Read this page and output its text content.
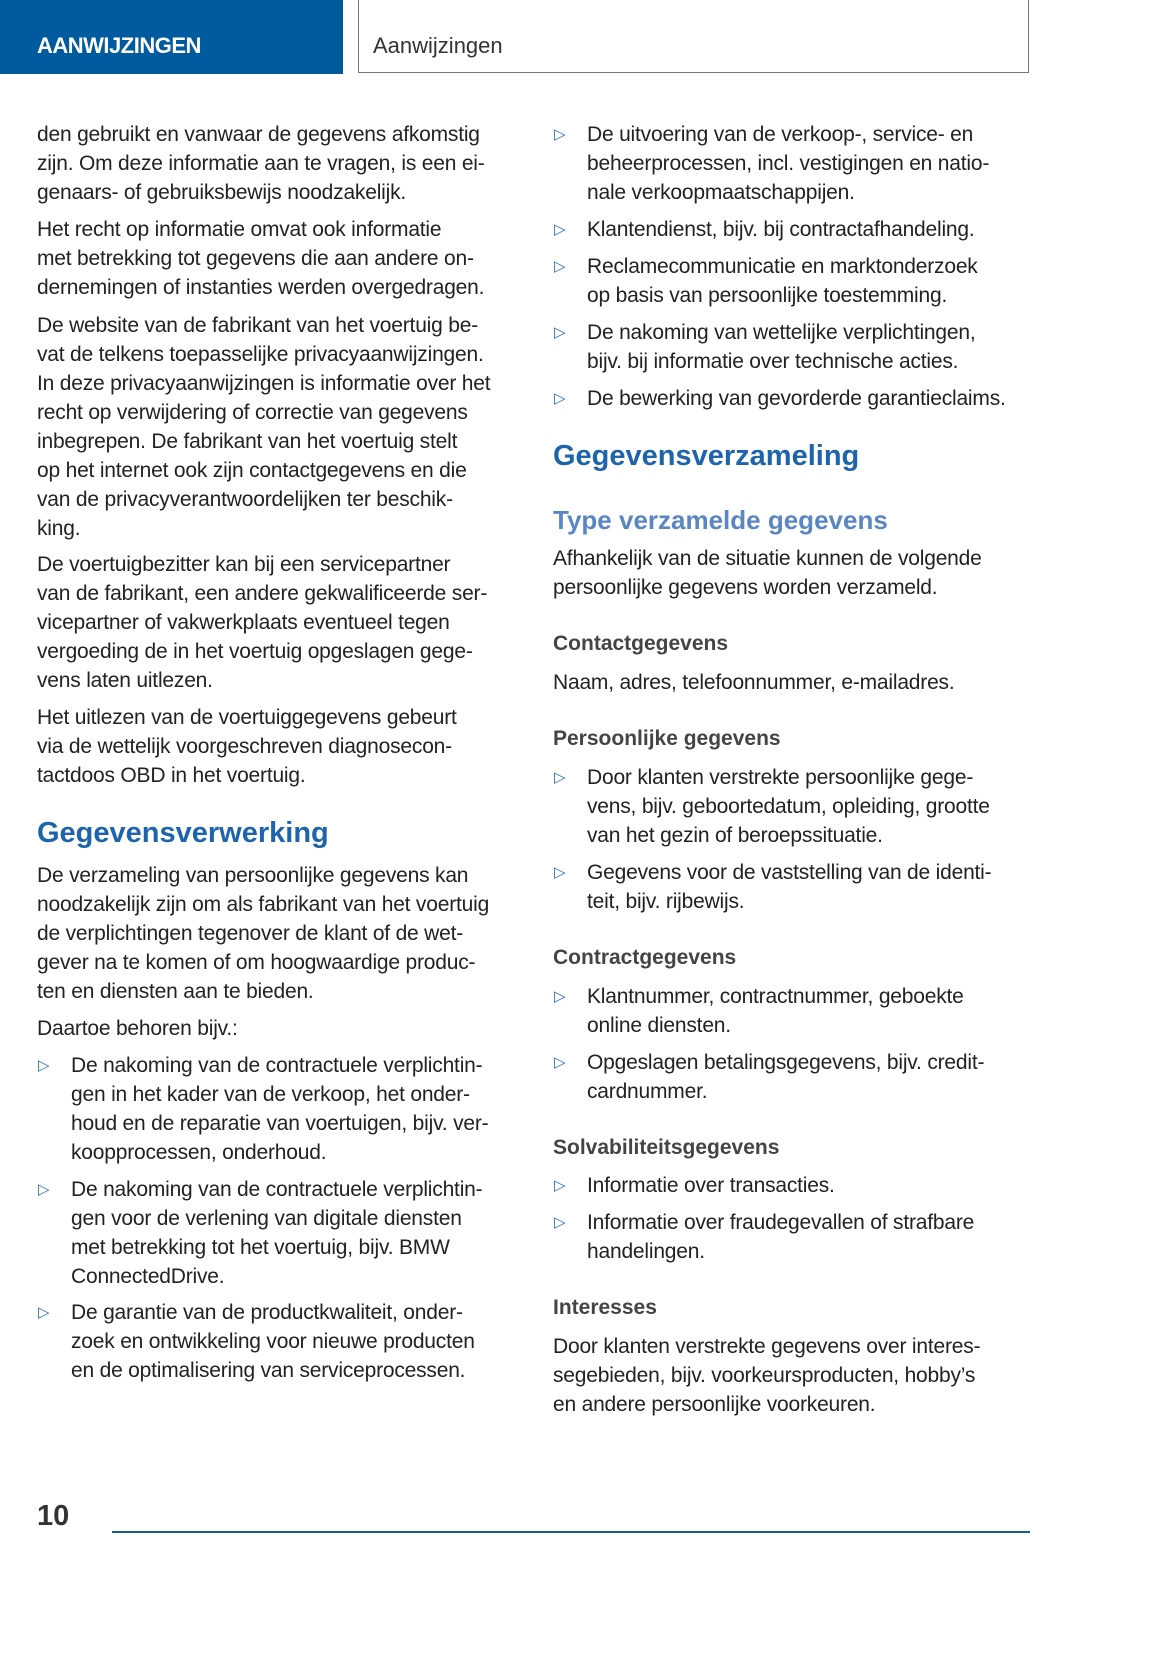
AANWIJZINGEN	Aanwijzingen
den gebruikt en vanwaar de gegevens afkomstig
zijn. Om deze informatie aan te vragen, is een ei-
genaars- of gebruiksbewijs noodzakelijk.
Het recht op informatie omvat ook informatie
met betrekking tot gegevens die aan andere on-
dernemingen of instanties werden overgedragen.
De website van de fabrikant van het voertuig be-
vat de telkens toepasselijke privacyaanwijzingen.
In deze privacyaanwijzingen is informatie over het
recht op verwijdering of correctie van gegevens
inbegrepen. De fabrikant van het voertuig stelt
op het internet ook zijn contactgegevens en die
van de privacyverantwoordelijken ter beschik-
king.
De voertuigbezitter kan bij een servicepartner
van de fabrikant, een andere gekwalificeerde ser-
vicepartner of vakwerkplaats eventueel tegen
vergoeding de in het voertuig opgeslagen gege-
vens laten uitlezen.
Het uitlezen van de voertuiggegevens gebeurt
via de wettelijk voorgeschreven diagnosecon-
tactdoos OBD in het voertuig.
Gegevensverwerking
De verzameling van persoonlijke gegevens kan
noodzakelijk zijn om als fabrikant van het voertuig
de verplichtingen tegenover de klant of de wet-
gever na te komen of om hoogwaardige produc-
ten en diensten aan te bieden.
Daartoe behoren bijv.:
▷ De nakoming van de contractuele verplichtin-
gen in het kader van de verkoop, het onder-
houd en de reparatie van voertuigen, bijv. ver-
koopprocessen, onderhoud.
▷ De nakoming van de contractuele verplichtin-
gen voor de verlening van digitale diensten
met betrekking tot het voertuig, bijv. BMW
ConnectedDrive.
▷ De garantie van de productkwaliteit, onder-
zoek en ontwikkeling voor nieuwe producten
en de optimalisering van serviceprocessen.
▷ De uitvoering van de verkoop-, service- en
beheerprocessen, incl. vestigingen en natio-
nale verkoopmaatschappijen.
▷ Klantendienst, bijv. bij contractafhandeling.
▷ Reclamecommunicatie en marktonderzoek
op basis van persoonlijke toestemming.
▷ De nakoming van wettelijke verplichtingen,
bijv. bij informatie over technische acties.
▷ De bewerking van gevorderde garantieclaims.
Gegevensverzameling
Type verzamelde gegevens
Afhankelijk van de situatie kunnen de volgende
persoonlijke gegevens worden verzameld.
Contactgegevens
Naam, adres, telefoonnummer, e-mailadres.
Persoonlijke gegevens
▷ Door klanten verstrekte persoonlijke gege-
vens, bijv. geboortedatum, opleiding, grootte
van het gezin of beroepssituatie.
▷ Gegevens voor de vaststelling van de identi-
teit, bijv. rijbewijs.
Contractgegevens
▷ Klantnummer, contractnummer, geboekte
online diensten.
▷ Opgeslagen betalingsgegevens, bijv. credit-
cardnummer.
Solvabiliteitsgegevens
▷ Informatie over transacties.
▷ Informatie over fraudegevallen of strafbare
handelingen.
Interesses
Door klanten verstrekte gegevens over interes-
segebieden, bijv. voorkeursproducten, hobby’s
en andere persoonlijke voorkeuren.
10
